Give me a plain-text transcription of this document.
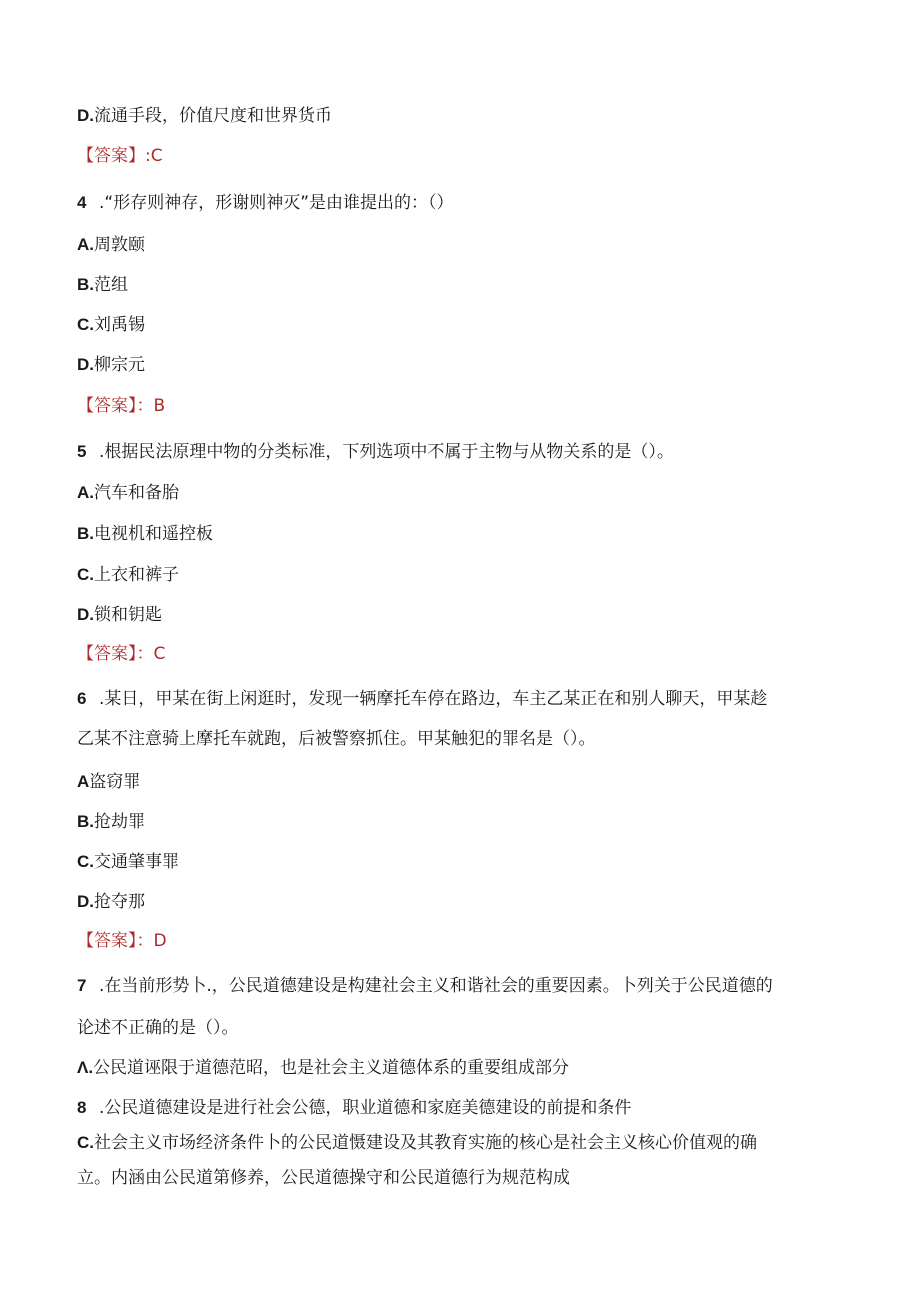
D.流通手段，价值尺度和世界货币
【答案】:C
4 .“形存则神存，形谢则神灭”是由谁提出的：（）
A.周敦颐
B.范组
C.刘禹锡
D.柳宗元
【答案】：B
5 .根据民法原理中物的分类标准，下列选项中不属于主物与从物关系的是（）。
A.汽车和备胎
B.电视机和遥控板
C.上衣和裤子
D.锁和钥匙
【答案】：C
6 .某日，甲某在街上闲逛时，发现一辆摩托车停在路边，车主乙某正在和别人聊天，甲某趁
乙某不注意骑上摩托车就跑，后被警察抓住。甲某触犯的罪名是（）。
A盗窃罪
B.抢劫罪
C.交通肇事罪
D.抢夺那
【答案】：D
7 .在当前形势卜.，公民道德建设是构建社会主义和谐社会的重要因素。卜列关于公民道德的
论述不正确的是（）。
Λ.公民道诬限于道德范昭，也是社会主义道德体系的重要组成部分
8 .公民道德建设是进行社会公德，职业道德和家庭美德建设的前提和条件
C.社会主义市场经济条件卜的公民道慑建设及其教育实施的核心是社会主义核心价值观的确
立。内涵由公民道第修养，公民道德操守和公民道德行为规范构成
